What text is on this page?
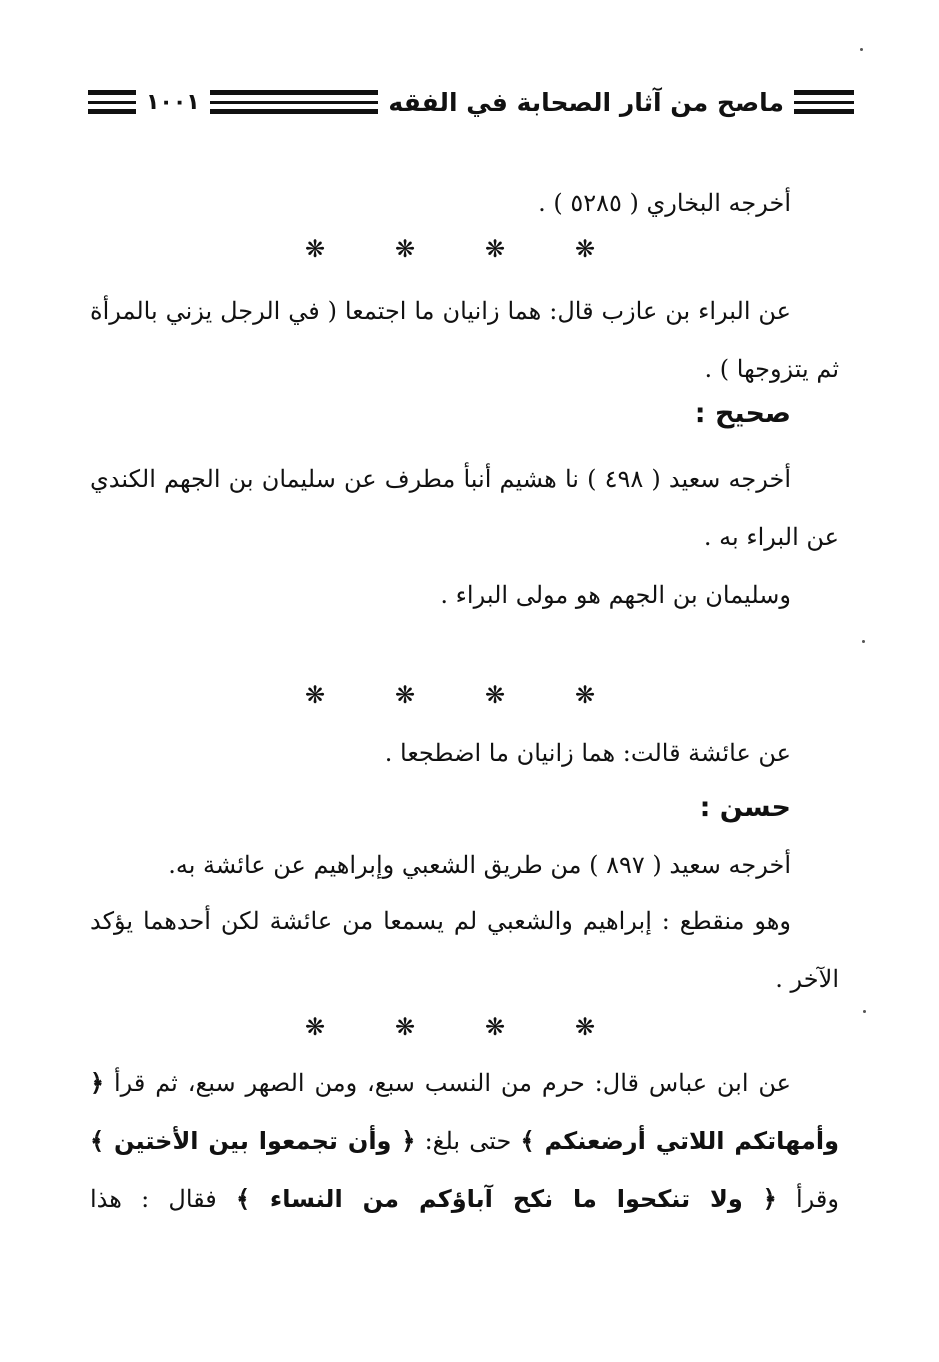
ماصح من آثار الصحابة في الفقه
١٠٠١

أخرجه البخاري ( ٥٢٨٥ ) .

❋
❋
❋
❋

عن البراء بن عازب قال: هما زانيان ما اجتمعا ( في الرجل يزني بالمرأة ثم يتزوجها ) .

صحيح :

أخرجه سعيد ( ٤٩٨ ) نا هشيم أنبأ مطرف عن سليمان بن الجهم الكندي عن البراء به .

وسليمان بن الجهم هو مولى البراء .

❋
❋
❋
❋

عن عائشة قالت: هما زانيان ما اضطجعا .

حسن :

أخرجه سعيد ( ٨٩٧ ) من طريق الشعبي وإبراهيم عن عائشة به.

وهو منقطع : إبراهيم والشعبي لم يسمعا من عائشة لكن أحدهما يؤكد الآخر .

❋
❋
❋
❋

عن ابن عباس قال: حرم من النسب سبع، ومن الصهر سبع، ثم قرأ ﴿ وأمهاتكم اللاتي أرضعنكم ﴾ حتى بلغ: ﴿ وأن تجمعوا بين الأختين ﴾ وقرأ ﴿ ولا تنكحوا ما نكح آباؤكم من النساء ﴾ فقال : هذا
